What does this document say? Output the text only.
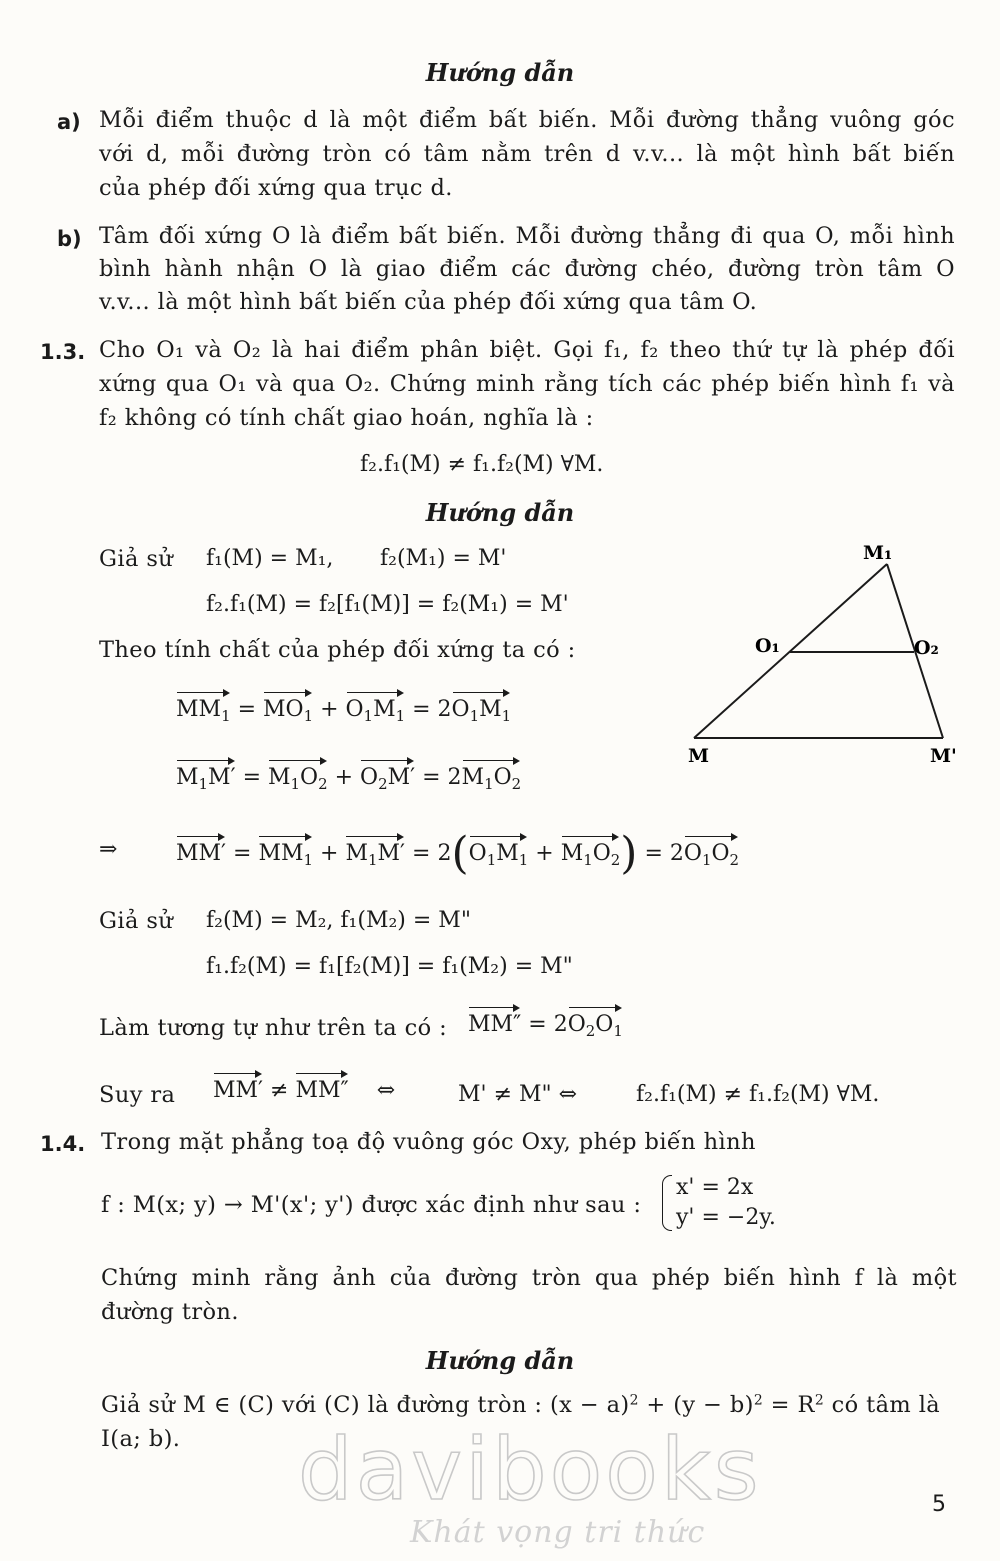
Hướng dẫn
a) Mỗi điểm thuộc d là một điểm bất biến. Mỗi đường thẳng vuông góc
với d, mỗi đường tròn có tâm nằm trên d v.v... là một hình bất biến
của phép đối xứng qua trục d.
b) Tâm đối xứng O là điểm bất biến. Mỗi đường thẳng đi qua O, mỗi hình
bình hành nhận O là giao điểm các đường chéo, đường tròn tâm O
v.v... là một hình bất biến của phép đối xứng qua tâm O.
1.3. Cho O₁ và O₂ là hai điểm phân biệt. Gọi f₁, f₂ theo thứ tự là phép đối
xứng qua O₁ và qua O₂. Chứng minh rằng tích các phép biến hình f₁ và
f₂ không có tính chất giao hoán, nghĩa là :
f₂.f₁(M) ≠ f₁.f₂(M) ∀M.
Hướng dẫn
Giả sử f₁(M) = M₁, f₂(M₁) = M'
f₂.f₁(M) = f₂[f₁(M)] = f₂(M₁) = M'
Theo tính chất của phép đối xứng ta có :
$MM_1 = MO_1 + O_1M_1 = 2O_1M_1$
$M_1M' = M_1O_2 + O_2M' = 2M_1O_2$
⇒	$MM' = MM_1 + M_1M' = 2(O_1M_1 + M_1O_2) = 2O_1O_2$
Giả sử f₂(M) = M₂, f₁(M₂) = M"
f₁.f₂(M) = f₁[f₂(M)] = f₁(M₂) = M"
Làm tương tự như trên ta có : $MM'' = 2O_2O_1$
Suy ra MM′ ≠ MM″    ⇔	M' ≠ M" ⇔	f₂.f₁(M) ≠ f₁.f₂(M) ∀M.
1.4. Trong mặt phẳng toạ độ vuông góc Oxy, phép biến hình
f : M(x; y) → M'(x'; y') được xác định như sau :
x' = 2x
y' = −2y.
Chứng minh rằng ảnh của đường tròn qua phép biến hình f là một
đường tròn.
Hướng dẫn
Giả sử M ∈ (C) với (C) là đường tròn : $(x - a)^2 + (y - b)^2 = R^2$ có tâm là
I(a; b).
M₁
O₁	O₂
M	M'
davibooks
Khát vọng tri thức
5
